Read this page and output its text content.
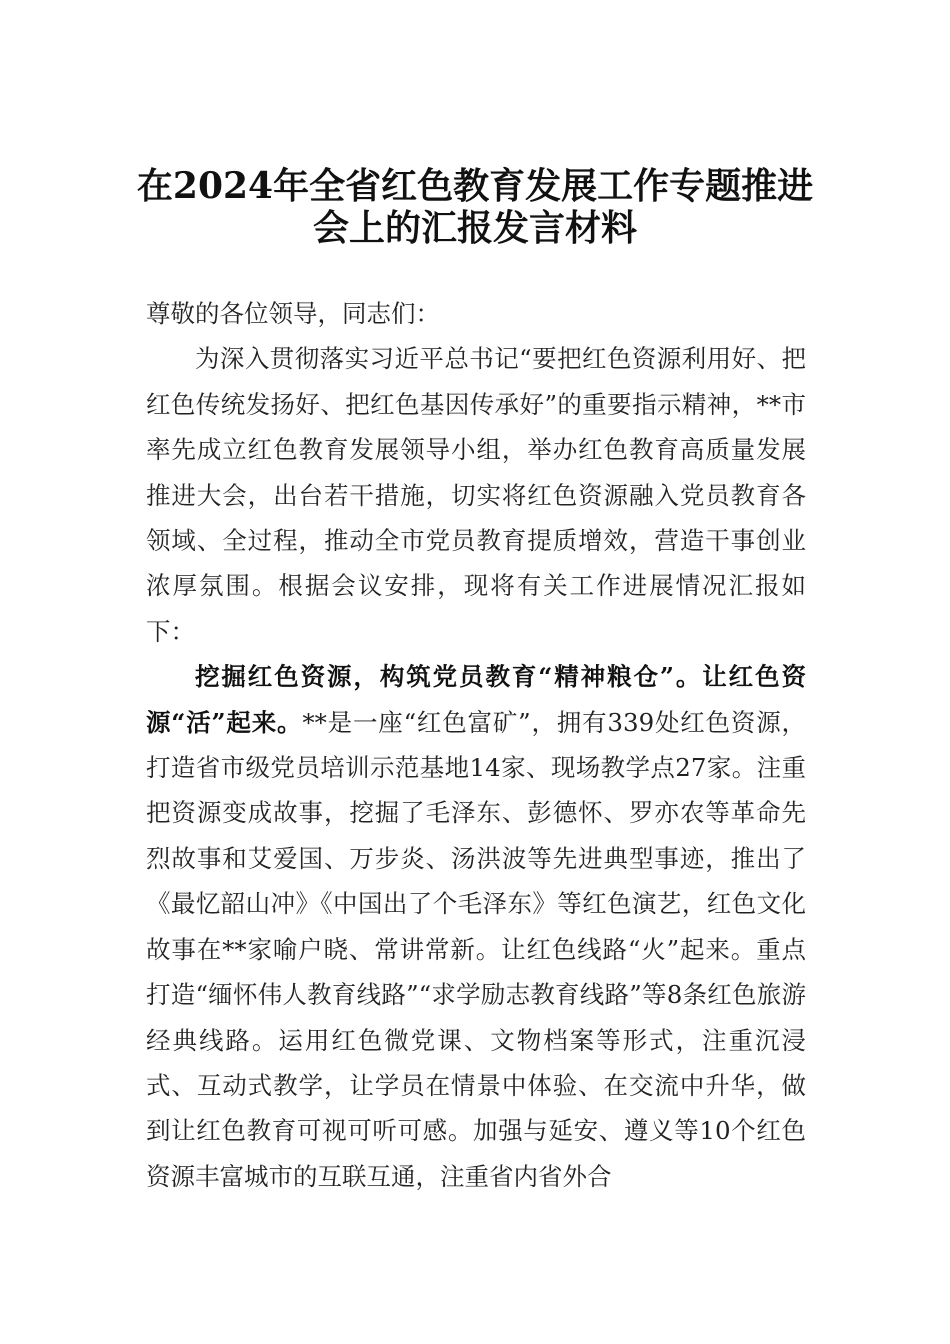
在2024年全省红色教育发展工作专题推进
会上的汇报发言材料

尊敬的各位领导，同志们：

为深入贯彻落实习近平总书记“要把红色资源利用好、把红色传统发扬好、把红色基因传承好”的重要指示精神，**市率先成立红色教育发展领导小组，举办红色教育高质量发展推进大会，出台若干措施，切实将红色资源融入党员教育各领域、全过程，推动全市党员教育提质增效，营造干事创业浓厚氛围。根据会议安排，现将有关工作进展情况汇报如下：

挖掘红色资源，构筑党员教育“精神粮仓”。让红色资源“活”起来。**是一座“红色富矿”，拥有339处红色资源，打造省市级党员培训示范基地14家、现场教学点27家。注重把资源变成故事，挖掘了毛泽东、彭德怀、罗亦农等革命先烈故事和艾爱国、万步炎、汤洪波等先进典型事迹，推出了《最忆韶山冲》《中国出了个毛泽东》等红色演艺，红色文化故事在**家喻户晓、常讲常新。让红色线路“火”起来。重点打造“缅怀伟人教育线路”“求学励志教育线路”等8条红色旅游经典线路。运用红色微党课、文物档案等形式，注重沉浸式、互动式教学，让学员在情景中体验、在交流中升华，做到让红色教育可视可听可感。加强与延安、遵义等10个红色资源丰富城市的互联互通，注重省内省外合
